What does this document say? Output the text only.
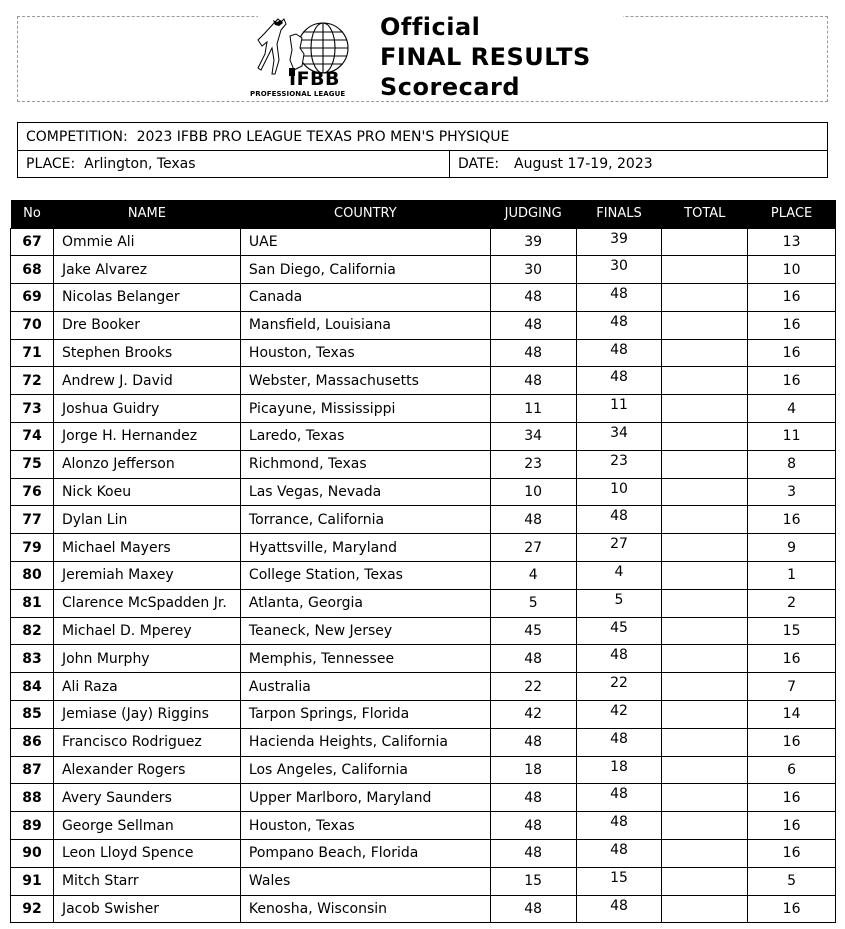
IFBB
PROFESSIONAL LEAGUE
Official
FINAL RESULTS
Scorecard
COMPETITION: 2023 IFBB PRO LEAGUE TEXAS PRO MEN'S PHYSIQUE
PLACE: Arlington, Texas	DATE: August 17-19, 2023
No	NAME	COUNTRY	JUDGING	FINALS	TOTAL	PLACE
67	Ommie Ali	UAE	39	39		13
68	Jake Alvarez	San Diego, California	30	30		10
69	Nicolas Belanger	Canada	48	48		16
70	Dre Booker	Mansfield, Louisiana	48	48		16
71	Stephen Brooks	Houston, Texas	48	48		16
72	Andrew J. David	Webster, Massachusetts	48	48		16
73	Joshua Guidry	Picayune, Mississippi	11	11		4
74	Jorge H. Hernandez	Laredo, Texas	34	34		11
75	Alonzo Jefferson	Richmond, Texas	23	23		8
76	Nick Koeu	Las Vegas, Nevada	10	10		3
77	Dylan Lin	Torrance, California	48	48		16
79	Michael Mayers	Hyattsville, Maryland	27	27		9
80	Jeremiah Maxey	College Station, Texas	4	4		1
81	Clarence McSpadden Jr.	Atlanta, Georgia	5	5		2
82	Michael D. Mperey	Teaneck, New Jersey	45	45		15
83	John Murphy	Memphis, Tennessee	48	48		16
84	Ali Raza	Australia	22	22		7
85	Jemiase (Jay) Riggins	Tarpon Springs, Florida	42	42		14
86	Francisco Rodriguez	Hacienda Heights, California	48	48		16
87	Alexander Rogers	Los Angeles, California	18	18		6
88	Avery Saunders	Upper Marlboro, Maryland	48	48		16
89	George Sellman	Houston, Texas	48	48		16
90	Leon Lloyd Spence	Pompano Beach, Florida	48	48		16
91	Mitch Starr	Wales	15	15		5
92	Jacob Swisher	Kenosha, Wisconsin	48	48		16
